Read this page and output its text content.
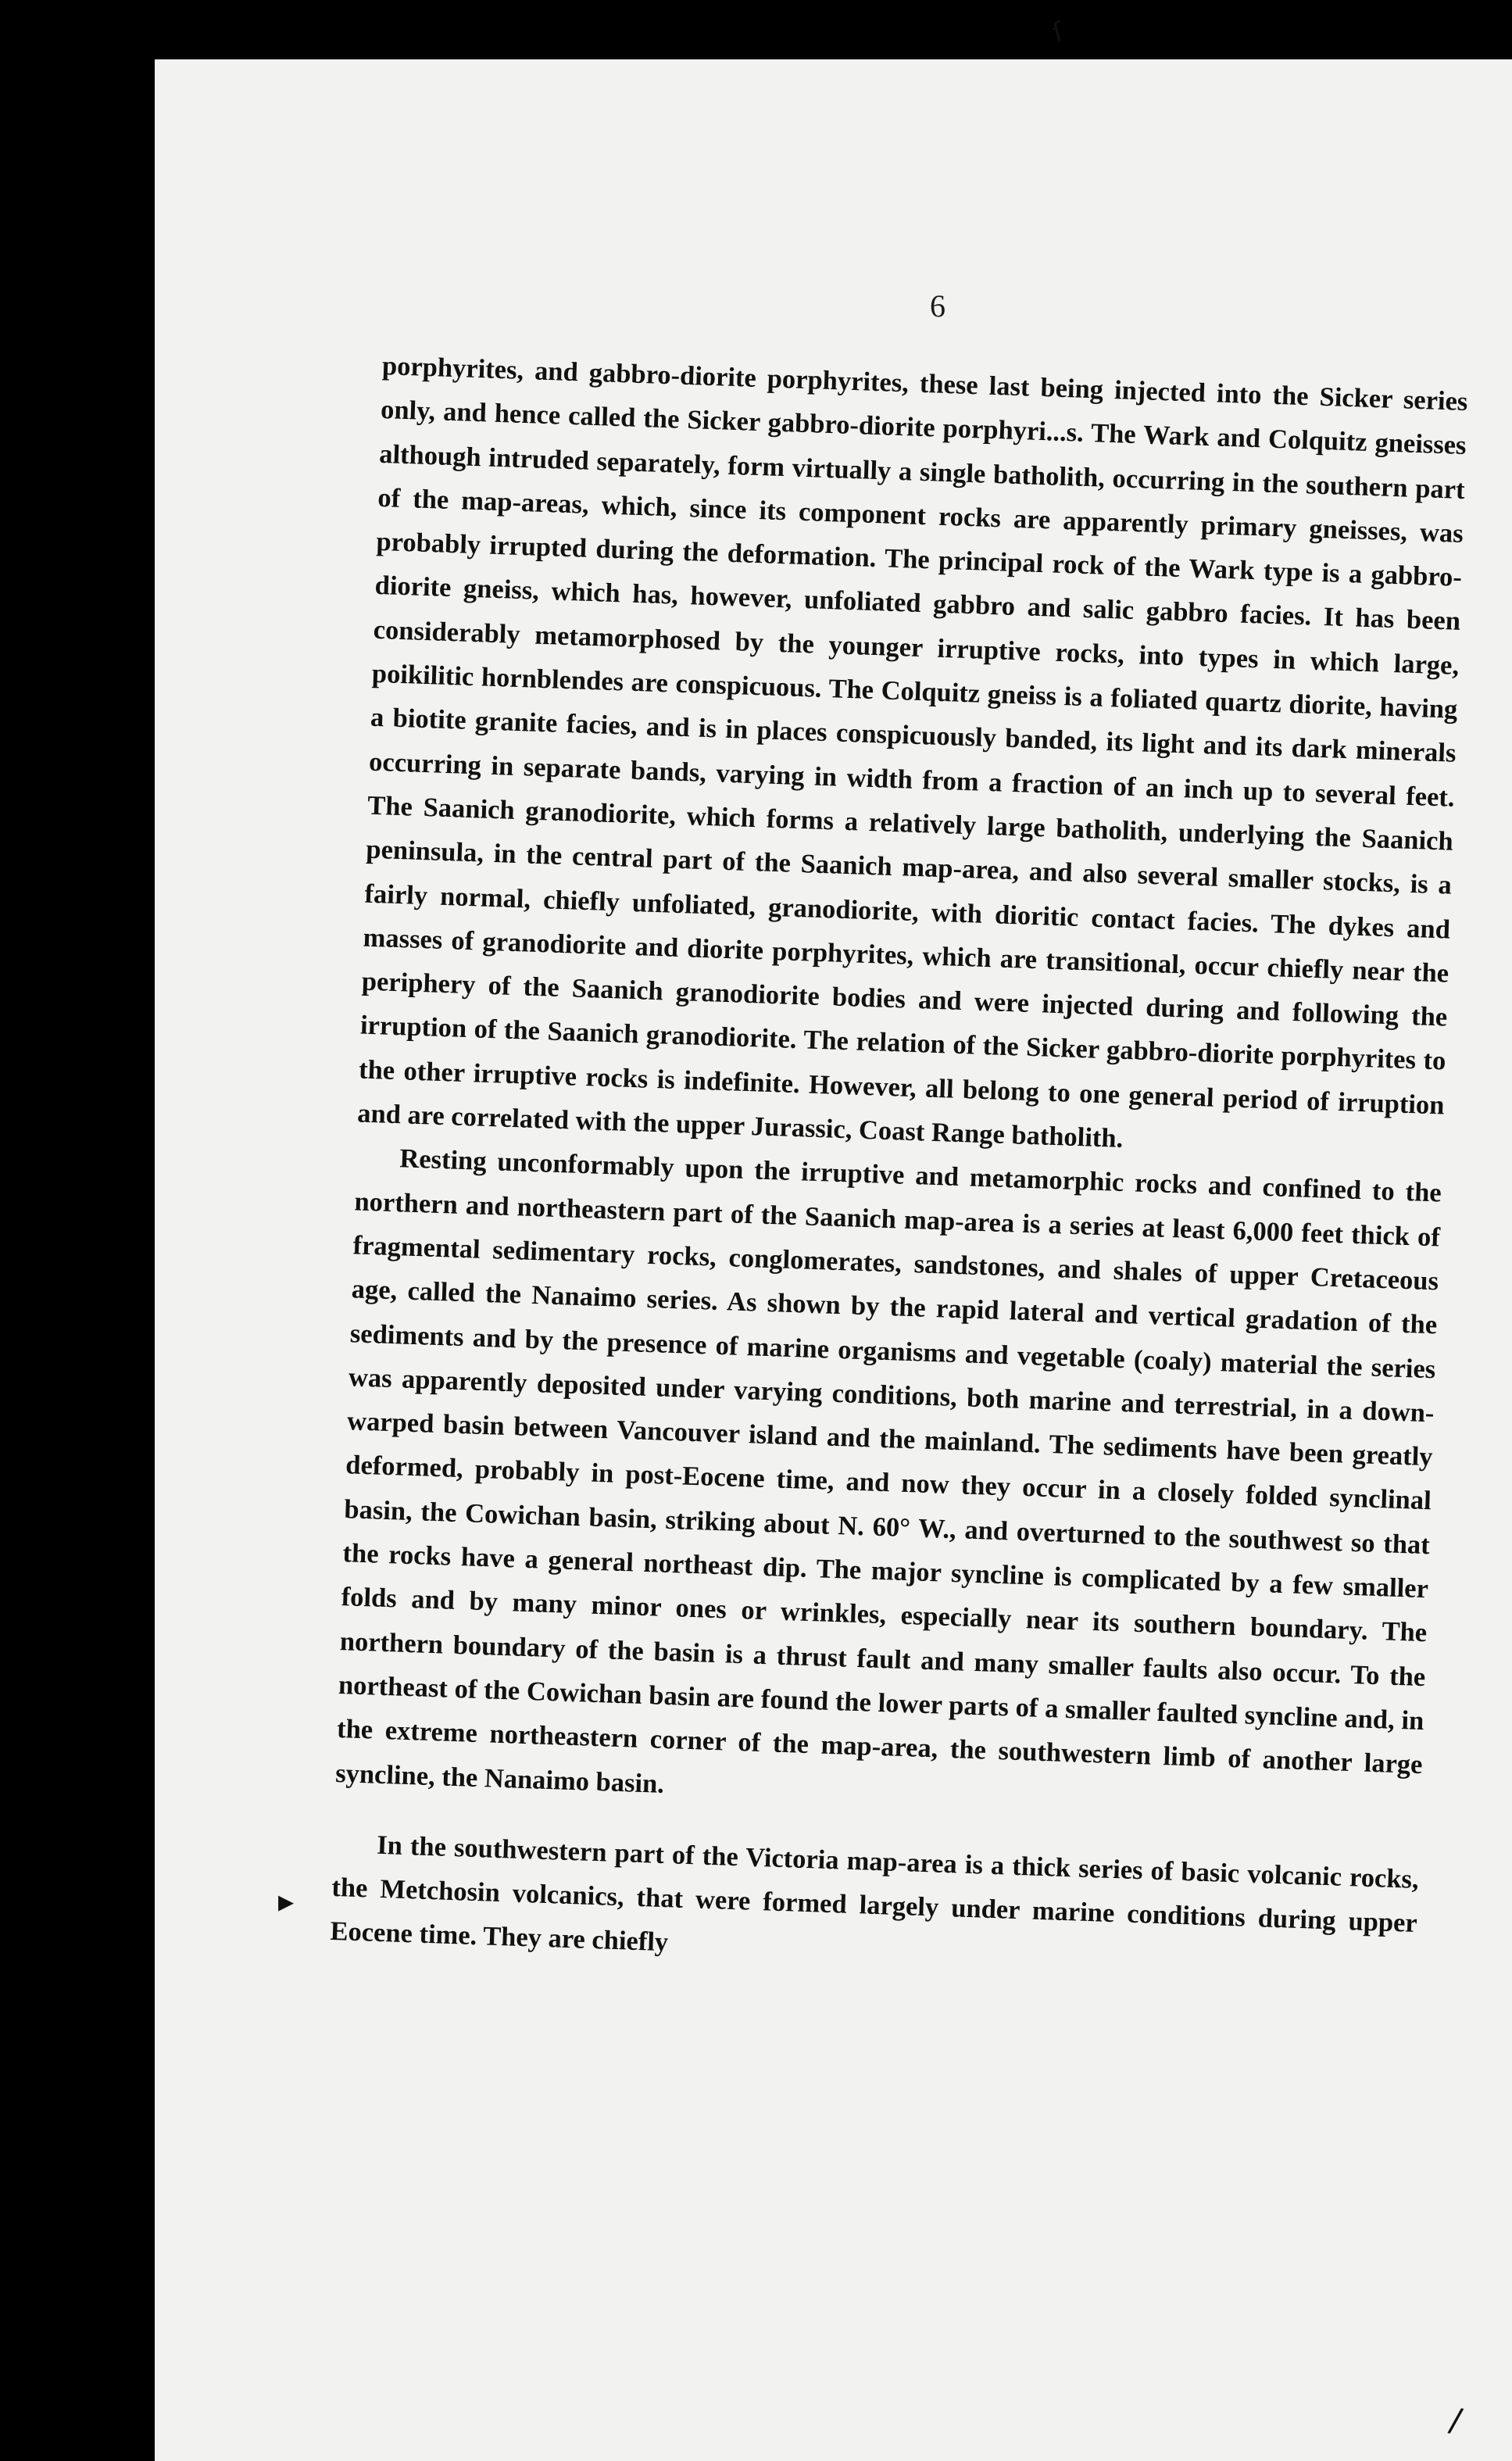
6

porphyrites, and gabbro-diorite porphyrites, these last being injected into the Sicker series only, and hence called the Sicker gabbro-diorite porphyri...s. The Wark and Colquitz gneisses although intruded separately, form virtually a single batholith, occurring in the southern part of the map-areas, which, since its component rocks are apparently primary gneisses, was probably irrupted during the deformation. The principal rock of the Wark type is a gabbro-diorite gneiss, which has, however, unfoliated gabbro and salic gabbro facies. It has been considerably metamorphosed by the younger irruptive rocks, into types in which large, poikilitic hornblendes are conspicuous. The Colquitz gneiss is a foliated quartz diorite, having a biotite granite facies, and is in places conspicuously banded, its light and its dark minerals occurring in separate bands, varying in width from a fraction of an inch up to several feet. The Saanich granodiorite, which forms a relatively large batholith, underlying the Saanich peninsula, in the central part of the Saanich map-area, and also several smaller stocks, is a fairly normal, chiefly unfoliated, granodiorite, with dioritic contact facies. The dykes and masses of granodiorite and diorite porphyrites, which are transitional, occur chiefly near the periphery of the Saanich granodiorite bodies and were injected during and following the irruption of the Saanich granodiorite. The relation of the Sicker gabbro-diorite porphyrites to the other irruptive rocks is indefinite. However, all belong to one general period of irruption and are correlated with the upper Jurassic, Coast Range batholith.

Resting unconformably upon the irruptive and metamorphic rocks and confined to the northern and northeastern part of the Saanich map-area is a series at least 6,000 feet thick of fragmental sedimentary rocks, conglomerates, sandstones, and shales of upper Cretaceous age, called the Nanaimo series. As shown by the rapid lateral and vertical gradation of the sediments and by the presence of marine organisms and vegetable (coaly) material the series was apparently deposited under varying conditions, both marine and terrestrial, in a down-warped basin between Vancouver island and the mainland. The sediments have been greatly deformed, probably in post-Eocene time, and now they occur in a closely folded synclinal basin, the Cowichan basin, striking about N. 60° W., and overturned to the southwest so that the rocks have a general northeast dip. The major syncline is complicated by a few smaller folds and by many minor ones or wrinkles, especially near its southern boundary. The northern boundary of the basin is a thrust fault and many smaller faults also occur. To the northeast of the Cowichan basin are found the lower parts of a smaller faulted syncline and, in the extreme northeastern corner of the map-area, the southwestern limb of another large syncline, the Nanaimo basin.

In the southwestern part of the Victoria map-area is a thick series of basic volcanic rocks, the Metchosin volcanics, that were formed largely under marine conditions during upper Eocene time. They are chiefly

ſ
▸
/
